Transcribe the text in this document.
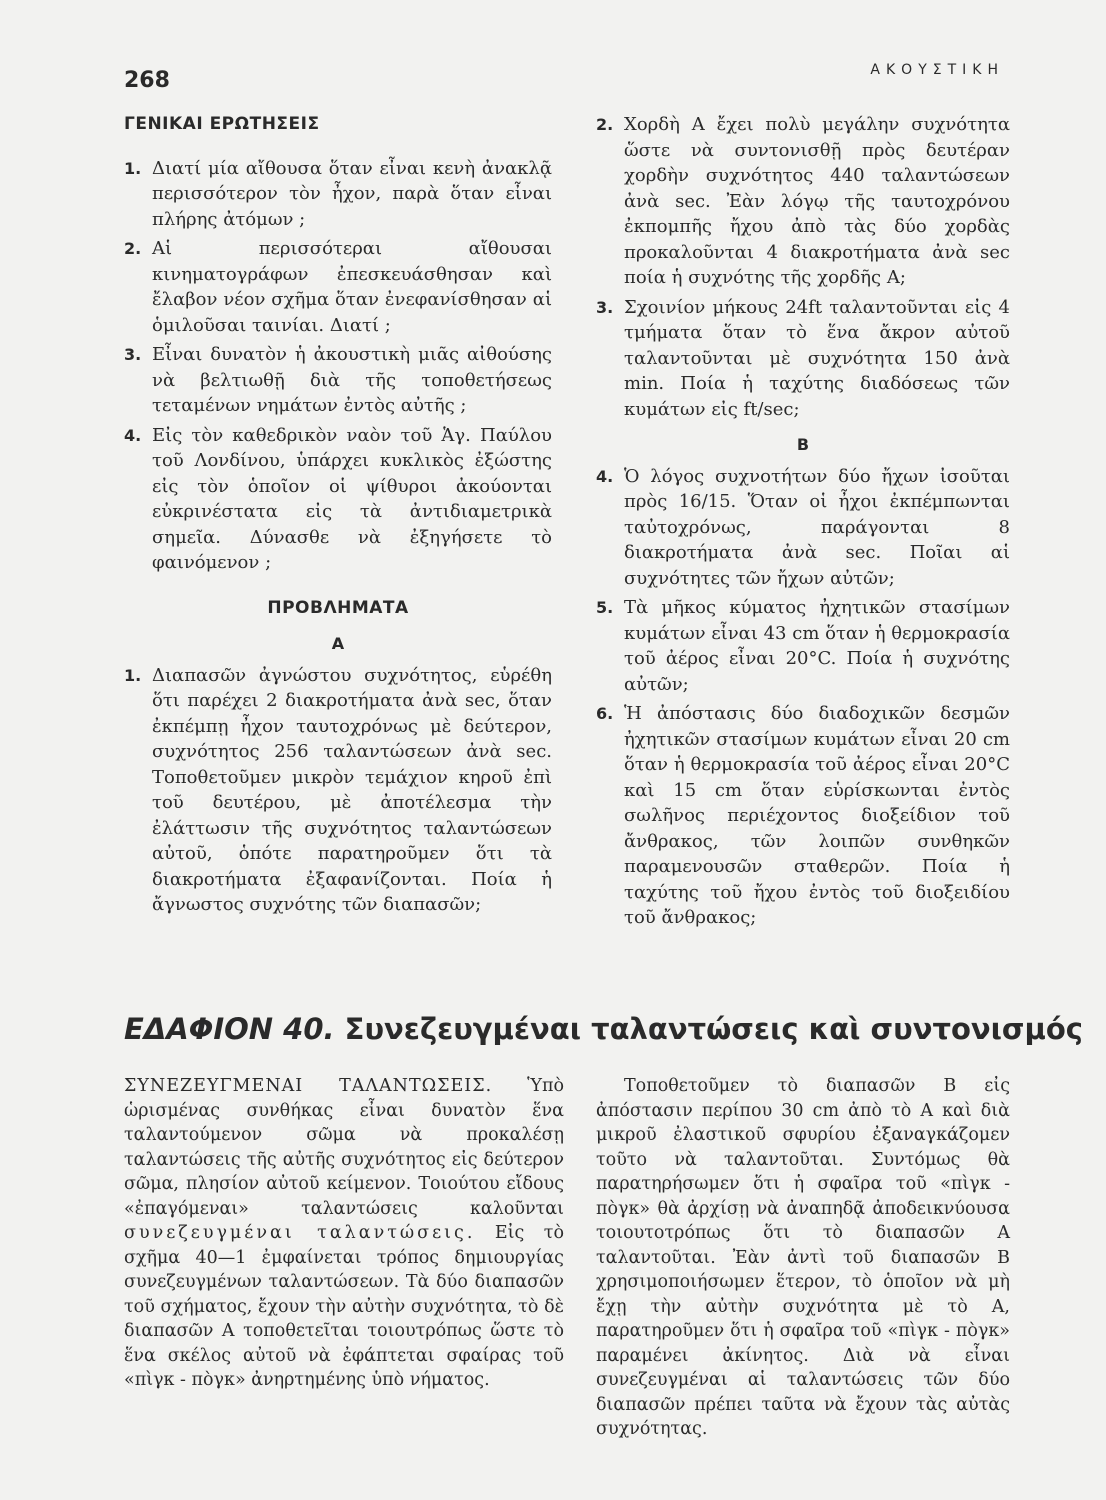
268	ΑΚΟΥΣΤΙΚΗ
ΓΕΝΙΚΑΙ ΕΡΩΤΗΣΕΙΣ
1. Διατί μία αἴθουσα ὅταν εἶναι κενὴ ἀνακλᾷ περισσότερον τὸν ἦχον, παρὰ ὅταν εἶναι πλήρης ἀτόμων ;
2. Αἱ περισσότεραι αἴθουσαι κινηματογράφων ἐπεσκευάσθησαν καὶ ἔλαβον νέον σχῆμα ὅταν ἐνεφανίσθησαν αἱ ὁμιλοῦσαι ταινίαι. Διατί ;
3. Εἶναι δυνατὸν ἡ ἀκουστικὴ μιᾶς αἰθούσης νὰ βελτιωθῇ διὰ τῆς τοποθετήσεως τεταμένων νημάτων ἐντὸς αὐτῆς ;
4. Εἰς τὸν καθεδρικὸν ναὸν τοῦ Ἁγ. Παύλου τοῦ Λονδίνου, ὑπάρχει κυκλικὸς ἐξώστης εἰς τὸν ὁποῖον οἱ ψίθυροι ἀκούονται εὐκρινέστατα εἰς τὰ ἀντιδιαμετρικὰ σημεῖα. Δύνασθε νὰ ἐξηγήσετε τὸ φαινόμενον ;
ΠΡΟΒΛΗΜΑΤΑ
Α
1. Διαπασῶν ἀγνώστου συχνότητος, εὑρέθη ὅτι παρέχει 2 διακροτήματα ἀνὰ sec, ὅταν ἐκπέμπῃ ἦχον ταυτοχρόνως μὲ δεύτερον, συχνότητος 256 ταλαντώσεων ἀνὰ sec. Τοποθετοῦμεν μικρὸν τεμάχιον κηροῦ ἐπὶ τοῦ δευτέρου, μὲ ἀποτέλεσμα τὴν ἐλάττωσιν τῆς συχνότητος ταλαντώσεων αὐτοῦ, ὁπότε παρατηροῦμεν ὅτι τὰ διακροτήματα ἐξαφανίζονται. Ποία ἡ ἄγνωστος συχνότης τῶν διαπασῶν;
2. Χορδὴ Α ἔχει πολὺ μεγάλην συχνότητα ὥστε νὰ συντονισθῇ πρὸς δευτέραν χορδὴν συχνότητος 440 ταλαντώσεων ἀνὰ sec. Ἐὰν λόγῳ τῆς ταυτοχρόνου ἐκπομπῆς ἤχου ἀπὸ τὰς δύο χορδὰς προκαλοῦνται 4 διακροτήματα ἀνὰ sec ποία ἡ συχνότης τῆς χορδῆς Α;
3. Σχοινίον μήκους 24ft ταλαντοῦνται εἰς 4 τμήματα ὅταν τὸ ἕνα ἄκρον αὐτοῦ ταλαντοῦνται μὲ συχνότητα 150 ἀνὰ min. Ποία ἡ ταχύτης διαδόσεως τῶν κυμάτων εἰς ft/sec;
Β
4. Ὁ λόγος συχνοτήτων δύο ἤχων ἰσοῦται πρὸς 16/15. Ὅταν οἱ ἦχοι ἐκπέμπωνται ταὐτοχρόνως, παράγονται 8 διακροτήματα ἀνὰ sec. Ποῖαι αἱ συχνότητες τῶν ἤχων αὐτῶν;
5. Τὰ μῆκος κύματος ἠχητικῶν στασίμων κυμάτων εἶναι 43 cm ὅταν ἡ θερμοκρασία τοῦ ἀέρος εἶναι 20°C. Ποία ἡ συχνότης αὐτῶν;
6. Ἡ ἀπόστασις δύο διαδοχικῶν δεσμῶν ἠχητικῶν στασίμων κυμάτων εἶναι 20 cm ὅταν ἡ θερμοκρασία τοῦ ἀέρος εἶναι 20°C καὶ 15 cm ὅταν εὑρίσκωνται ἐντὸς σωλῆνος περιέχοντος διοξείδιον τοῦ ἄνθρακος, τῶν λοιπῶν συνθηκῶν παραμενουσῶν σταθερῶν. Ποία ἡ ταχύτης τοῦ ἤχου ἐντὸς τοῦ διοξειδίου τοῦ ἄνθρακος;
ΕΔΑΦΙΟΝ 40. Συνεζευγμέναι ταλαντώσεις καὶ συντονισμός
ΣΥΝΕΖΕΥΓΜΕΝΑΙ ΤΑΛΑΝΤΩΣΕΙΣ. Ὑπὸ ὡρισμένας συνθήκας εἶναι δυνατὸν ἕνα ταλαντούμενον σῶμα νὰ προκαλέσῃ ταλαντώσεις τῆς αὐτῆς συχνότητος εἰς δεύτερον σῶμα, πλησίον αὐτοῦ κείμενον. Τοιούτου εἴδους «ἐπαγόμεναι» ταλαντώσεις καλοῦνται συνεζευγμέναι ταλαντώσεις. Εἰς τὸ σχῆμα 40—1 ἐμφαίνεται τρόπος δημιουργίας συνεζευγμένων ταλαντώσεων. Τὰ δύο διαπασῶν τοῦ σχήματος, ἔχουν τὴν αὐτὴν συχνότητα, τὸ δὲ διαπασῶν Α τοποθετεῖται τοιουτρόπως ὥστε τὸ ἕνα σκέλος αὐτοῦ νὰ ἐφάπτεται σφαίρας τοῦ «πὶγκ - πὸγκ» ἀνηρτημένης ὑπὸ νήματος.
Τοποθετοῦμεν τὸ διαπασῶν Β εἰς ἀπόστασιν περίπου 30 cm ἀπὸ τὸ Α καὶ διὰ μικροῦ ἐλαστικοῦ σφυρίου ἐξαναγκάζομεν τοῦτο νὰ ταλαντοῦται. Συντόμως θὰ παρατηρήσωμεν ὅτι ἡ σφαῖρα τοῦ «πὶγκ - πὸγκ» θὰ ἀρχίσῃ νὰ ἀναπηδᾷ ἀποδεικνύουσα τοιουτοτρόπως ὅτι τὸ διαπασῶν Α ταλαντοῦται. Ἐὰν ἀντὶ τοῦ διαπασῶν Β χρησιμοποιήσωμεν ἕτερον, τὸ ὁποῖον νὰ μὴ ἔχῃ τὴν αὐτὴν συχνότητα μὲ τὸ Α, παρατηροῦμεν ὅτι ἡ σφαῖρα τοῦ «πὶγκ - πὸγκ» παραμένει ἀκίνητος. Διὰ νὰ εἶναι συνεζευγμέναι αἱ ταλαντώσεις τῶν δύο διαπασῶν πρέπει ταῦτα νὰ ἔχουν τὰς αὐτὰς συχνότητας.
